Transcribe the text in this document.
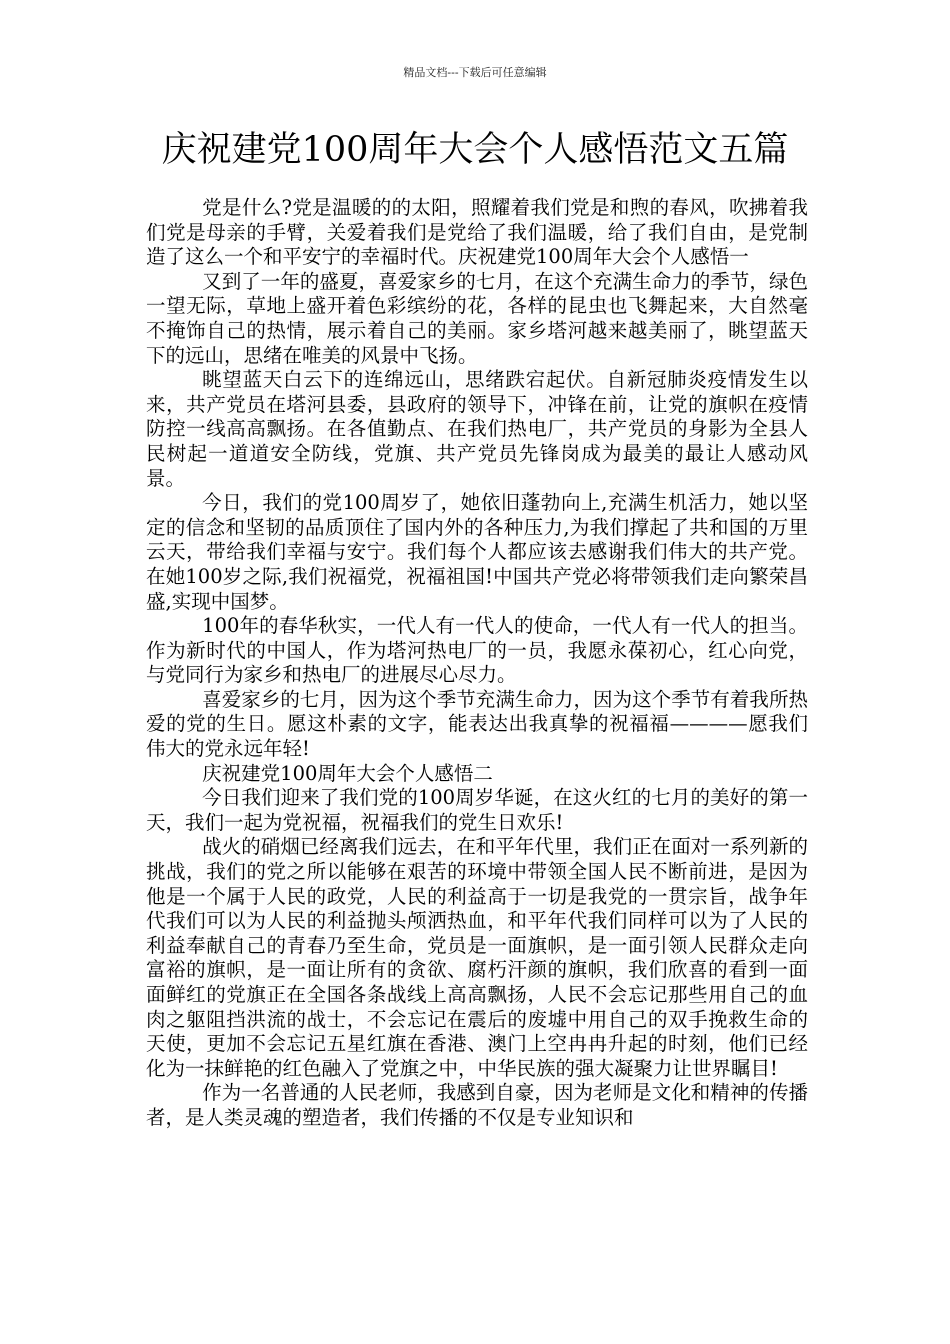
精品文档---下载后可任意编辑
庆祝建党100周年大会个人感悟范文五篇

党是什么?党是温暖的的太阳，照耀着我们党是和煦的春风，吹拂着我们党是母亲的手臂，关爱着我们是党给了我们温暖，给了我们自由，是党制造了这么一个和平安宁的幸福时代。庆祝建党100周年大会个人感悟一

又到了一年的盛夏，喜爱家乡的七月，在这个充满生命力的季节，绿色一望无际，草地上盛开着色彩缤纷的花，各样的昆虫也飞舞起来，大自然毫不掩饰自己的热情，展示着自己的美丽。家乡塔河越来越美丽了，眺望蓝天下的远山，思绪在唯美的风景中飞扬。

眺望蓝天白云下的连绵远山，思绪跌宕起伏。自新冠肺炎疫情发生以来，共产党员在塔河县委，县政府的领导下，冲锋在前，让党的旗帜在疫情防控一线高高飘扬。在各值勤点、在我们热电厂，共产党员的身影为全县人民树起一道道安全防线，党旗、共产党员先锋岗成为最美的最让人感动风景。

今日，我们的党100周岁了，她依旧蓬勃向上,充满生机活力，她以坚定的信念和坚韧的品质顶住了国内外的各种压力,为我们撑起了共和国的万里云天，带给我们幸福与安宁。我们每个人都应该去感谢我们伟大的共产党。在她100岁之际,我们祝福党，祝福祖国!中国共产党必将带领我们走向繁荣昌盛,实现中国梦。

100年的春华秋实，一代人有一代人的使命，一代人有一代人的担当。作为新时代的中国人，作为塔河热电厂的一员，我愿永葆初心，红心向党，与党同行为家乡和热电厂的进展尽心尽力。

喜爱家乡的七月，因为这个季节充满生命力，因为这个季节有着我所热爱的党的生日。愿这朴素的文字，能表达出我真挚的祝福福————愿我们伟大的党永远年轻!

庆祝建党100周年大会个人感悟二

今日我们迎来了我们党的100周岁华诞，在这火红的七月的美好的第一天，我们一起为党祝福，祝福我们的党生日欢乐!

战火的硝烟已经离我们远去，在和平年代里，我们正在面对一系列新的挑战，我们的党之所以能够在艰苦的环境中带领全国人民不断前进，是因为他是一个属于人民的政党，人民的利益高于一切是我党的一贯宗旨，战争年代我们可以为人民的利益抛头颅洒热血，和平年代我们同样可以为了人民的利益奉献自己的青春乃至生命，党员是一面旗帜，是一面引领人民群众走向富裕的旗帜，是一面让所有的贪欲、腐朽汗颜的旗帜，我们欣喜的看到一面面鲜红的党旗正在全国各条战线上高高飘扬，人民不会忘记那些用自己的血肉之躯阻挡洪流的战士，不会忘记在震后的废墟中用自己的双手挽救生命的天使，更加不会忘记五星红旗在香港、澳门上空冉冉升起的时刻，他们已经化为一抹鲜艳的红色融入了党旗之中，中华民族的强大凝聚力让世界瞩目!

作为一名普通的人民老师，我感到自豪，因为老师是文化和精神的传播者，是人类灵魂的塑造者，我们传播的不仅是专业知识和
